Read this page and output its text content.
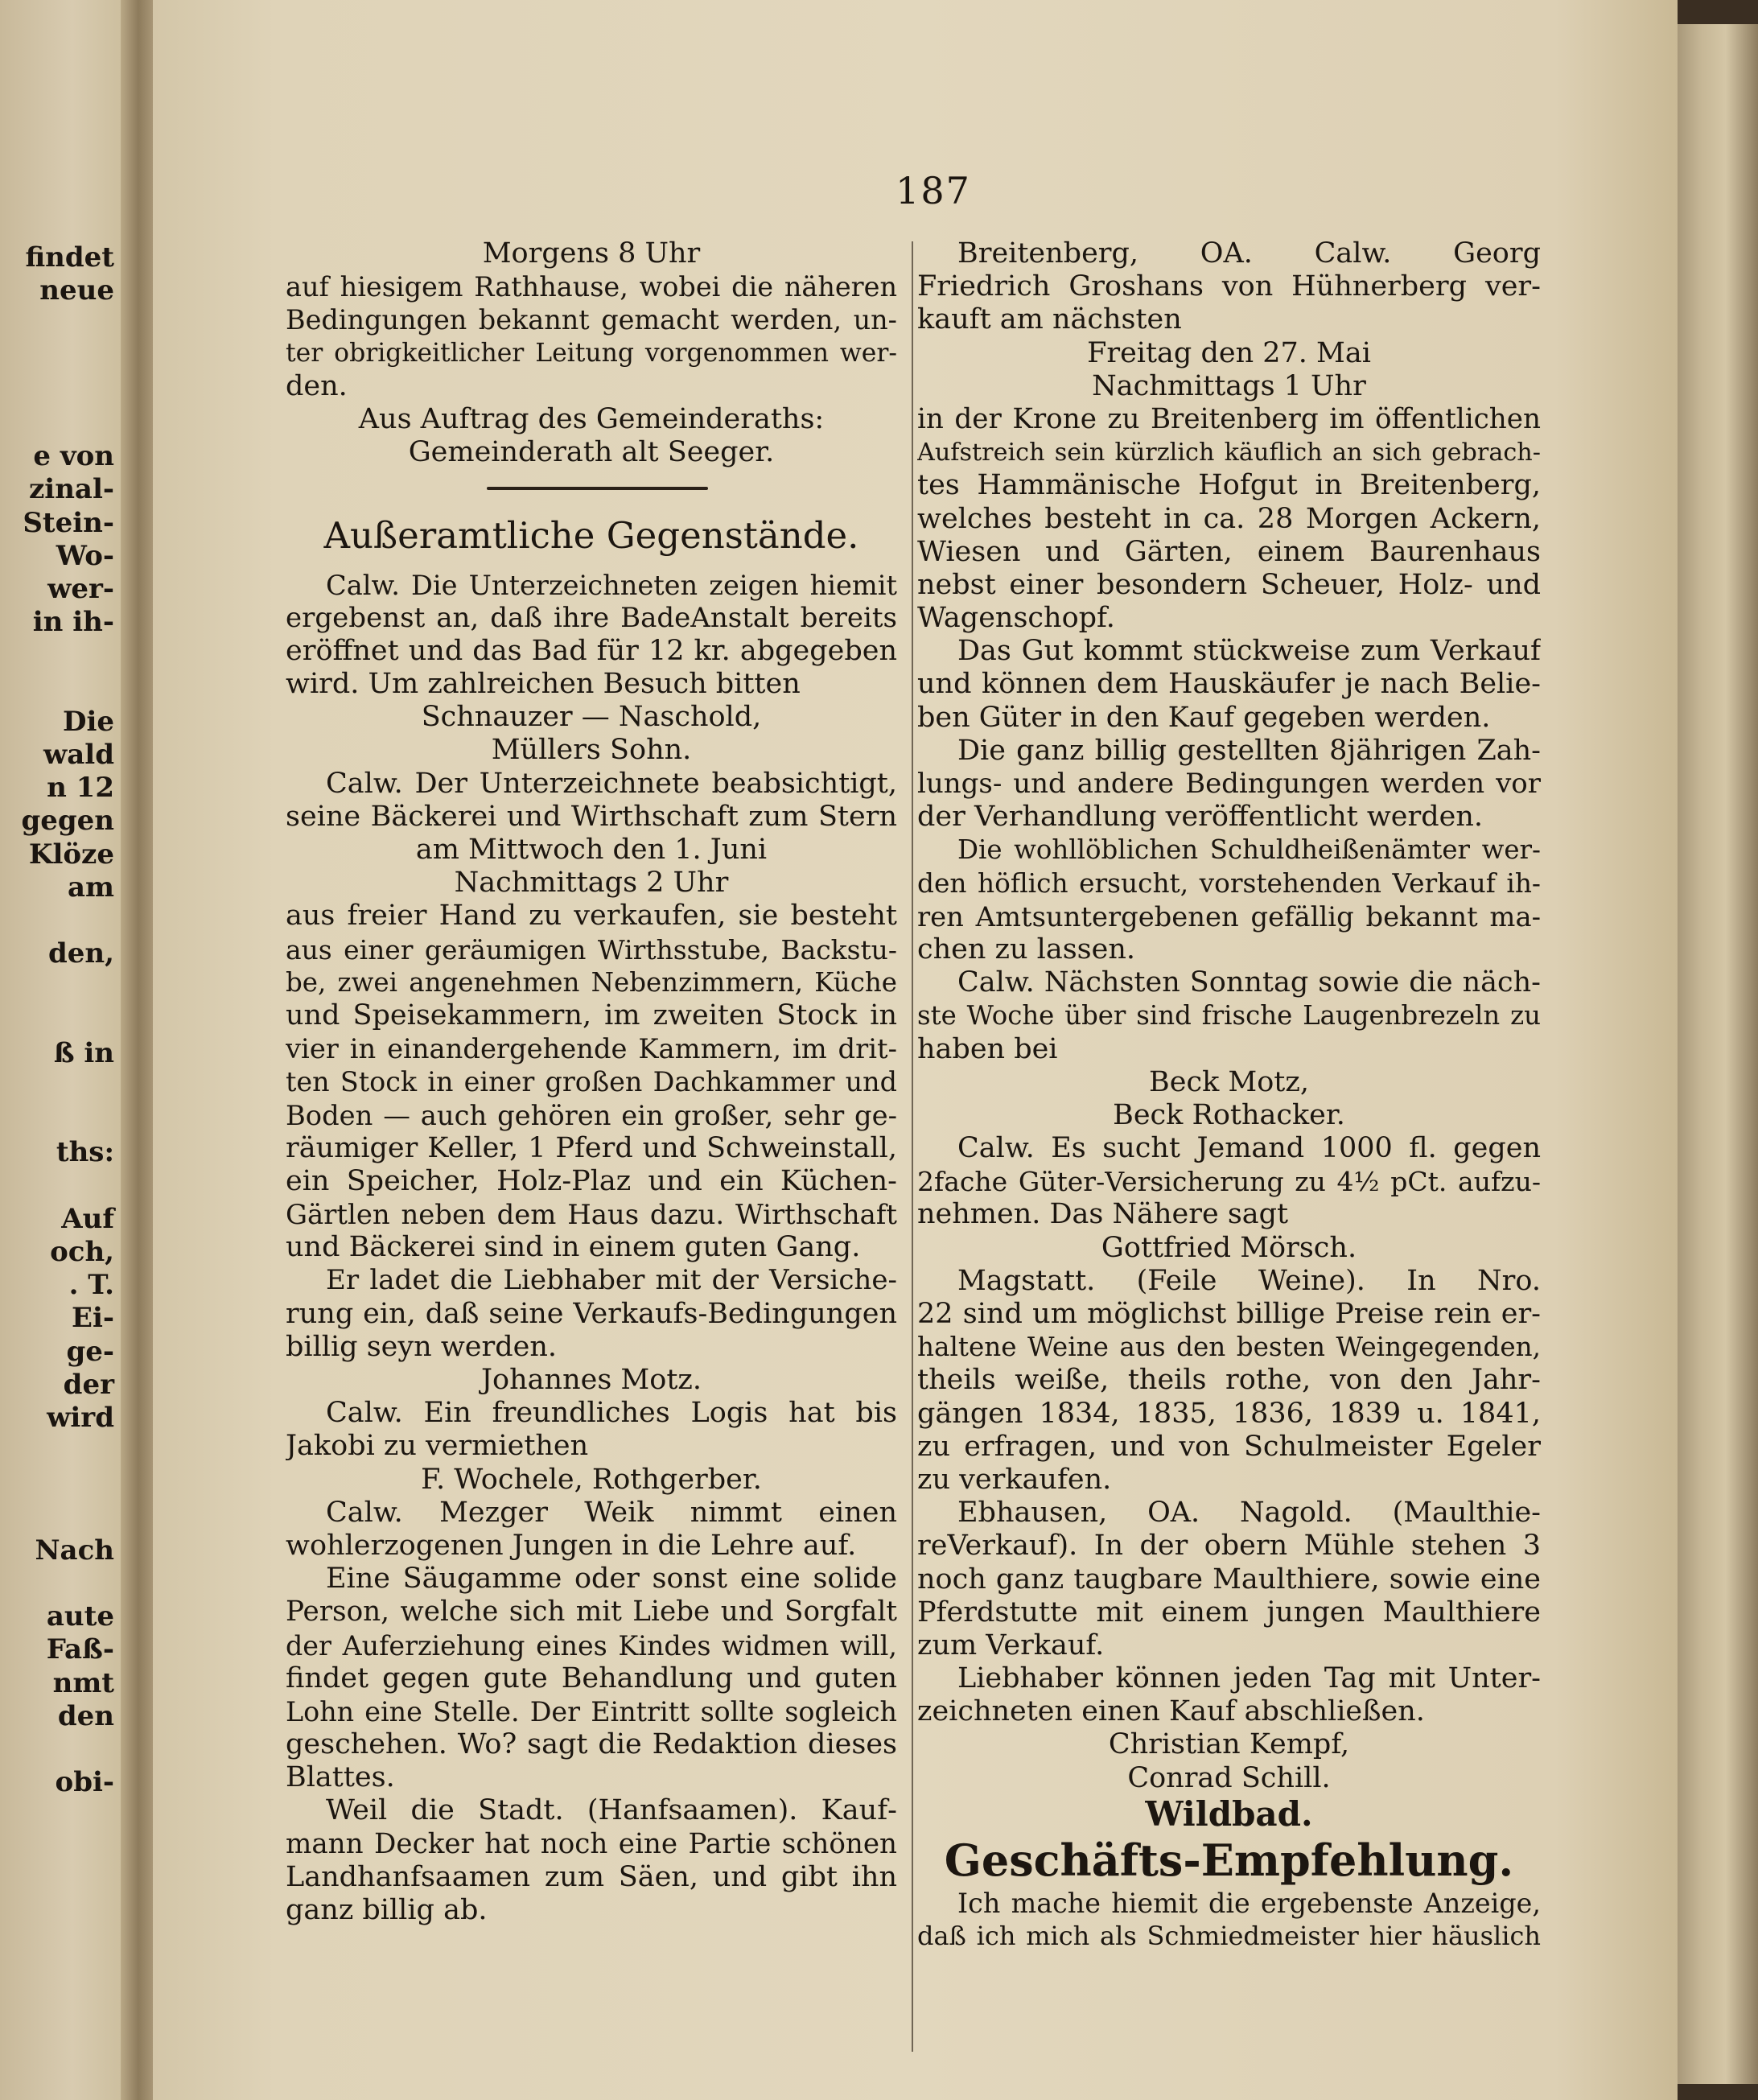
findet
neue
e von
zinal‑
Stein‑
Wo‑
wer‑
in ih‑
Die
wald
n 12
gegen
Klöze
am
den,
ß in
ths:
Auf
och,
. T.
Ei‑
ge‑
der
wird
Nach
aute
Faß‑
nmt
den
obi‑
187
Morgens 8 Uhr
auf hiesigem Rathhause, wobei die näheren
Bedingungen bekannt gemacht werden, un‑
ter obrigkeitlicher Leitung vorgenommen wer‑
den.
Aus Auftrag des Gemeinderaths:
Gemeinderath alt Seeger.
Außeramtliche Gegenstände.
Calw. Die Unterzeichneten zeigen hiemit
ergebenst an, daß ihre BadeAnstalt bereits
eröffnet und das Bad für 12 kr. abgegeben
wird. Um zahlreichen Besuch bitten
Schnauzer — Naschold,
Müllers Sohn.
Calw. Der Unterzeichnete beabsichtigt,
seine Bäckerei und Wirthschaft zum Stern
am Mittwoch den 1. Juni
Nachmittags 2 Uhr
aus freier Hand zu verkaufen, sie besteht
aus einer geräumigen Wirthsstube, Backstu‑
be, zwei angenehmen Nebenzimmern, Küche
und Speisekammern, im zweiten Stock in
vier in einandergehende Kammern, im drit‑
ten Stock in einer großen Dachkammer und
Boden — auch gehören ein großer, sehr ge‑
räumiger Keller, 1 Pferd und Schweinstall,
ein Speicher, Holz‑Plaz und ein Küchen‑
Gärtlen neben dem Haus dazu. Wirthschaft
und Bäckerei sind in einem guten Gang.
Er ladet die Liebhaber mit der Versiche‑
rung ein, daß seine Verkaufs‑Bedingungen
billig seyn werden.
Johannes Motz.
Calw. Ein freundliches Logis hat bis
Jakobi zu vermiethen
F. Wochele, Rothgerber.
Calw. Mezger Weik nimmt einen
wohlerzogenen Jungen in die Lehre auf.
Eine Säugamme oder sonst eine solide
Person, welche sich mit Liebe und Sorgfalt
der Auferziehung eines Kindes widmen will,
findet gegen gute Behandlung und guten
Lohn eine Stelle. Der Eintritt sollte sogleich
geschehen. Wo? sagt die Redaktion dieses
Blattes.
Weil die Stadt. (Hanfsaamen). Kauf‑
mann Decker hat noch eine Partie schönen
Landhanfsaamen zum Säen, und gibt ihn
ganz billig ab.
Breitenberg, OA. Calw. Georg
Friedrich Groshans von Hühnerberg ver‑
kauft am nächsten
Freitag den 27. Mai
Nachmittags 1 Uhr
in der Krone zu Breitenberg im öffentlichen
Aufstreich sein kürzlich käuflich an sich gebrach‑
tes Hammänische Hofgut in Breitenberg,
welches besteht in ca. 28 Morgen Ackern,
Wiesen und Gärten, einem Baurenhaus
nebst einer besondern Scheuer, Holz‑ und
Wagenschopf.
Das Gut kommt stückweise zum Verkauf
und können dem Hauskäufer je nach Belie‑
ben Güter in den Kauf gegeben werden.
Die ganz billig gestellten 8jährigen Zah‑
lungs‑ und andere Bedingungen werden vor
der Verhandlung veröffentlicht werden.
Die wohllöblichen Schuldheißenämter wer‑
den höflich ersucht, vorstehenden Verkauf ih‑
ren Amtsuntergebenen gefällig bekannt ma‑
chen zu lassen.
Calw. Nächsten Sonntag sowie die näch‑
ste Woche über sind frische Laugenbrezeln zu
haben bei
Beck Motz,
Beck Rothacker.
Calw. Es sucht Jemand 1000 fl. gegen
2fache Güter‑Versicherung zu 4½ pCt. aufzu‑
nehmen. Das Nähere sagt
Gottfried Mörsch.
Magstatt. (Feile Weine). In Nro.
22 sind um möglichst billige Preise rein er‑
haltene Weine aus den besten Weingegenden,
theils weiße, theils rothe, von den Jahr‑
gängen 1834, 1835, 1836, 1839 u. 1841,
zu erfragen, und von Schulmeister Egeler
zu verkaufen.
Ebhausen, OA. Nagold. (Maulthie‑
reVerkauf). In der obern Mühle stehen 3
noch ganz taugbare Maulthiere, sowie eine
Pferdstutte mit einem jungen Maulthiere
zum Verkauf.
Liebhaber können jeden Tag mit Unter‑
zeichneten einen Kauf abschließen.
Christian Kempf,
Conrad Schill.
Wildbad.
Geschäfts‑Empfehlung.
Ich mache hiemit die ergebenste Anzeige,
daß ich mich als Schmiedmeister hier häuslich
